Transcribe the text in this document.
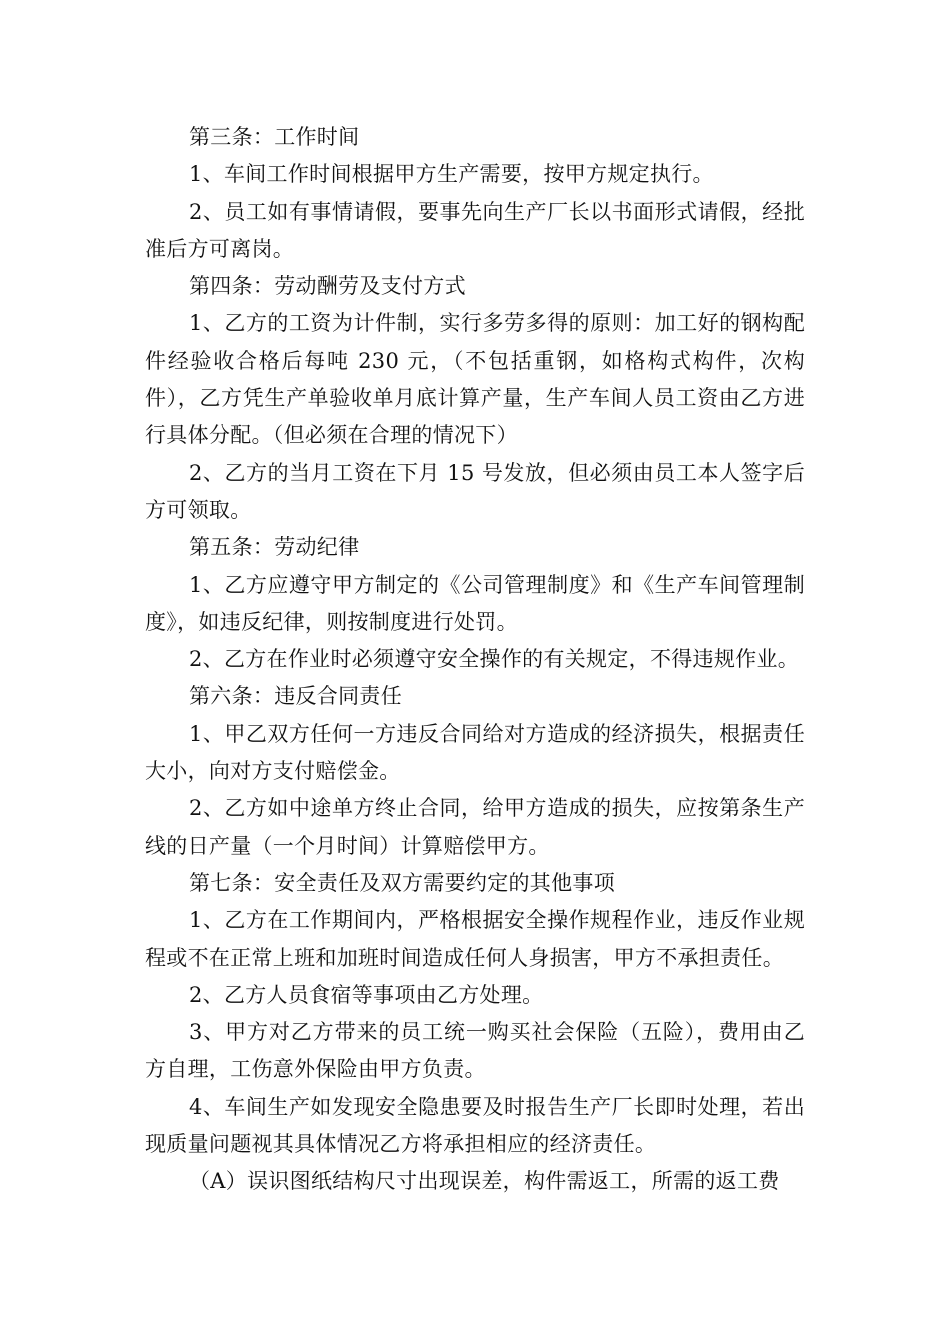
第三条：工作时间

1、车间工作时间根据甲方生产需要，按甲方规定执行。

2、员工如有事情请假，要事先向生产厂长以书面形式请假，经批准后方可离岗。

第四条：劳动酬劳及支付方式

1、乙方的工资为计件制，实行多劳多得的原则：加工好的钢构配件经验收合格后每吨 230 元，（不包括重钢，如格构式构件，次构件），乙方凭生产单验收单月底计算产量，生产车间人员工资由乙方进行具体分配。（但必须在合理的情况下）

2、乙方的当月工资在下月 15 号发放，但必须由员工本人签字后方可领取。

第五条：劳动纪律

1、乙方应遵守甲方制定的《公司管理制度》和《生产车间管理制度》，如违反纪律，则按制度进行处罚。

2、乙方在作业时必须遵守安全操作的有关规定，不得违规作业。

第六条：违反合同责任

1、甲乙双方任何一方违反合同给对方造成的经济损失，根据责任大小，向对方支付赔偿金。

2、乙方如中途单方终止合同，给甲方造成的损失，应按第条生产线的日产量（一个月时间）计算赔偿甲方。

第七条：安全责任及双方需要约定的其他事项

1、乙方在工作期间内，严格根据安全操作规程作业，违反作业规程或不在正常上班和加班时间造成任何人身损害，甲方不承担责任。

2、乙方人员食宿等事项由乙方处理。

3、甲方对乙方带来的员工统一购买社会保险（五险），费用由乙方自理，工伤意外保险由甲方负责。

4、车间生产如发现安全隐患要及时报告生产厂长即时处理，若出现质量问题视其具体情况乙方将承担相应的经济责任。

（A）误识图纸结构尺寸出现误差，构件需返工，所需的返工费
